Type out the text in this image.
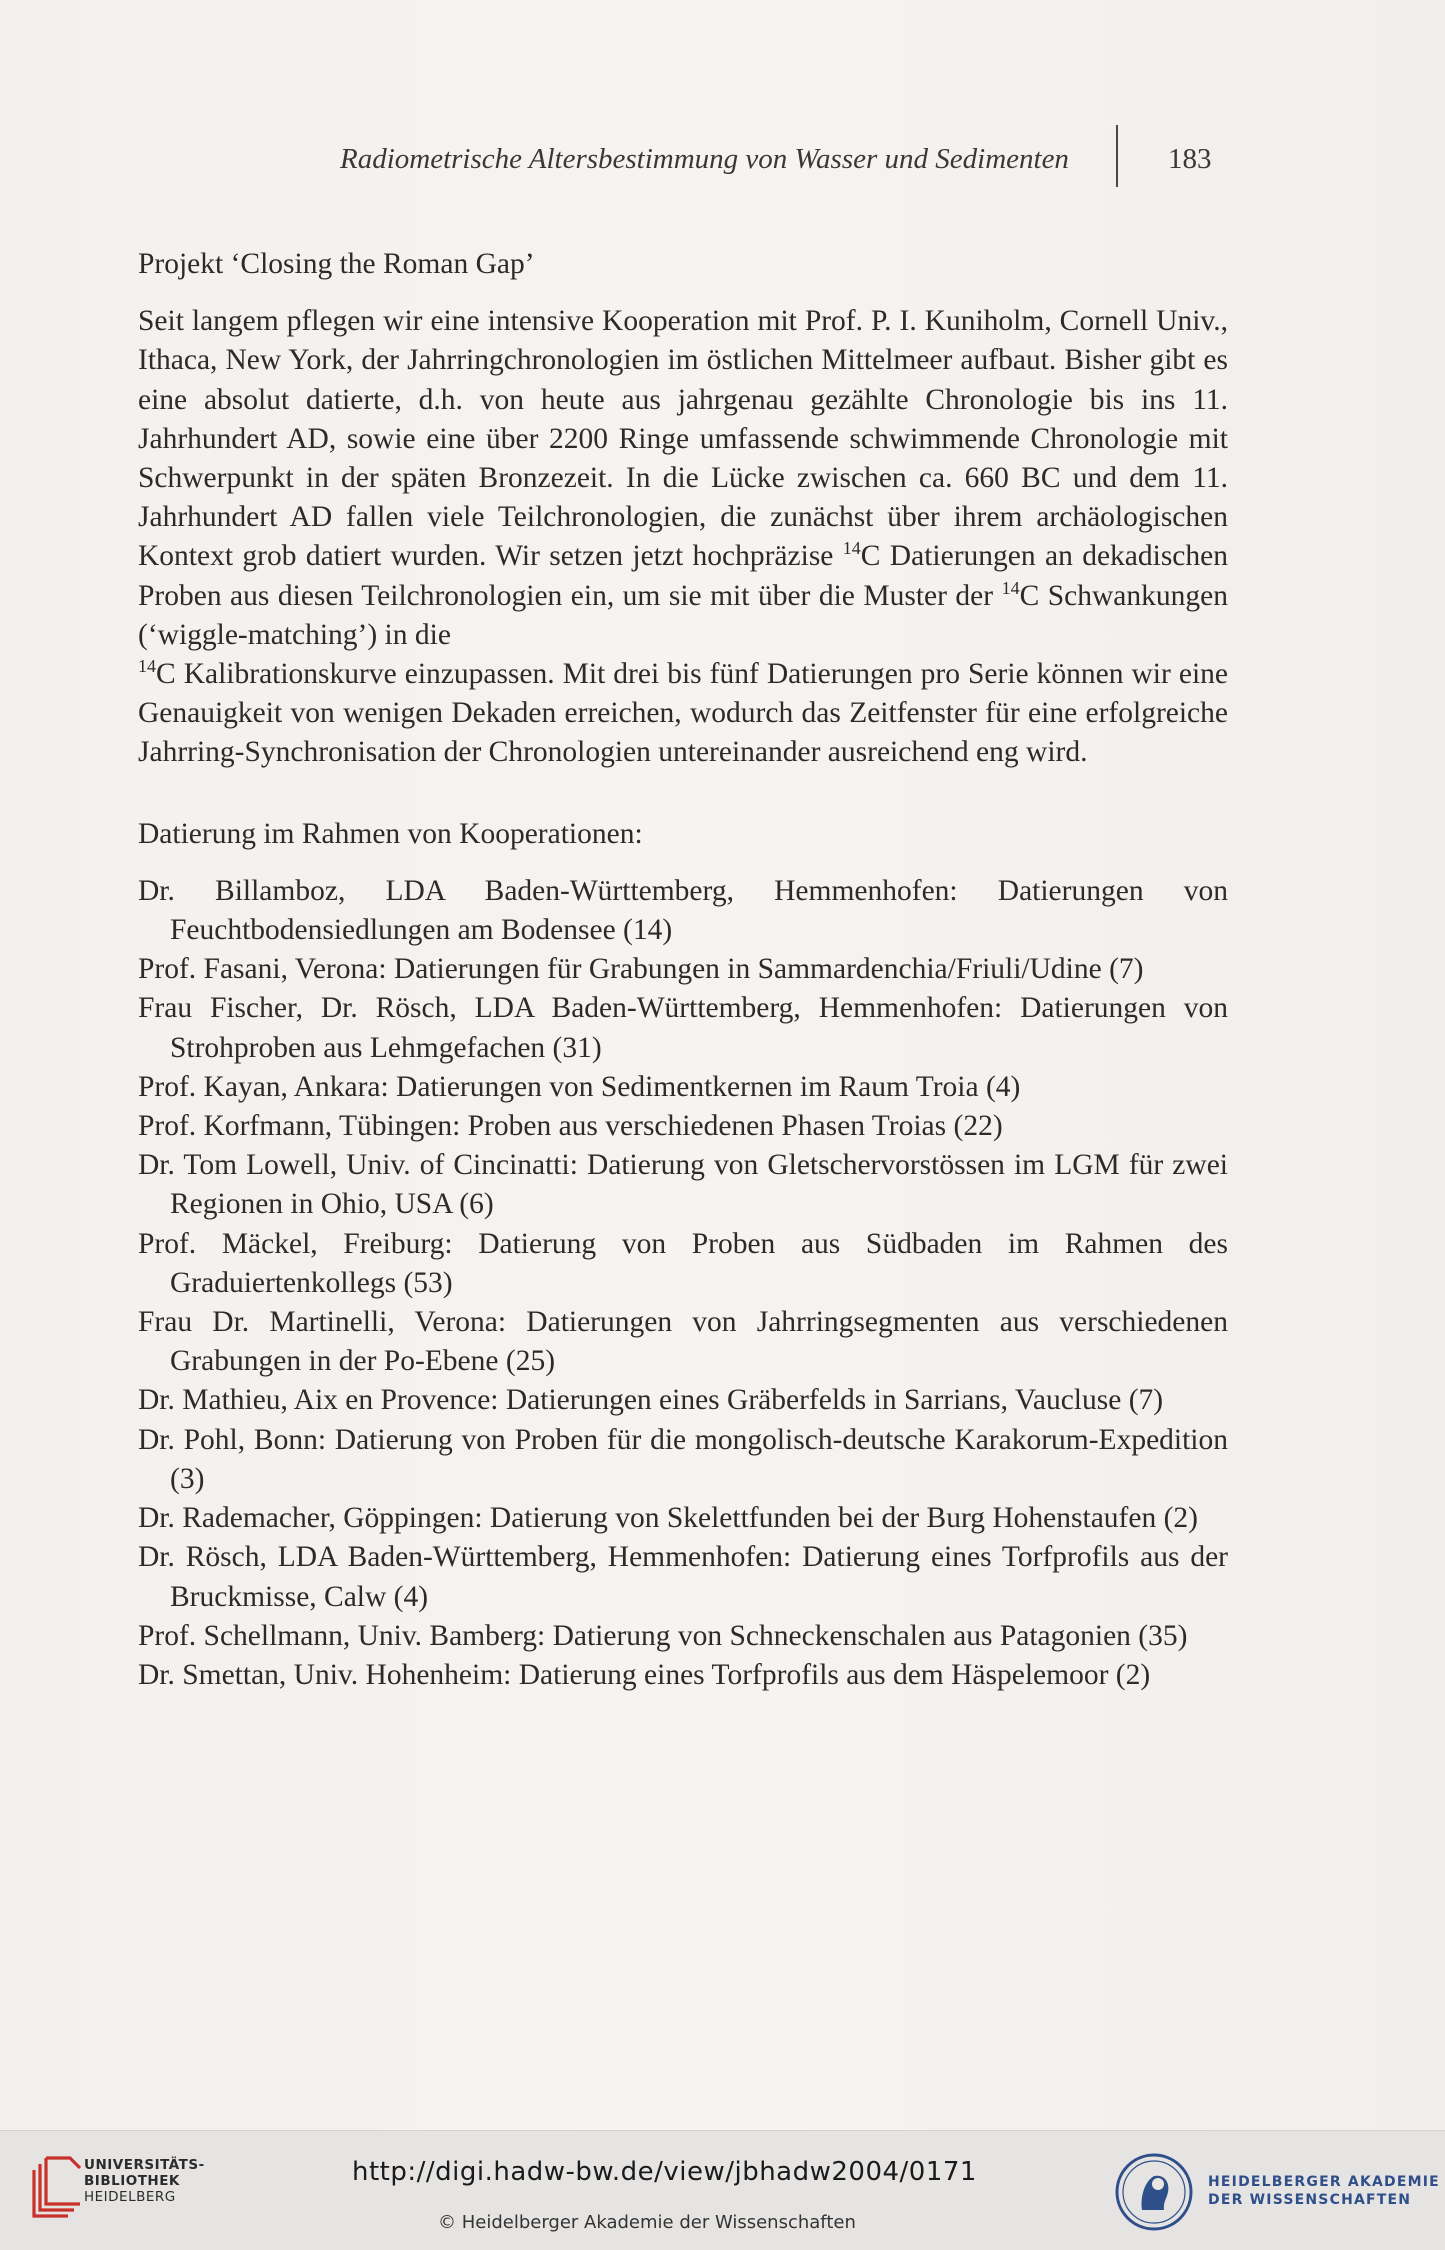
Radiometrische Altersbestimmung von Wasser und Sedimenten	183

Projekt ‘Closing the Roman Gap’

Seit langem pflegen wir eine intensive Kooperation mit Prof. P. I. Kuniholm, Cornell Univ., Ithaca, New York, der Jahrringchronologien im östlichen Mittelmeer aufbaut. Bisher gibt es eine absolut datierte, d.h. von heute aus jahrgenau gezählte Chronologie bis ins 11. Jahrhundert AD, sowie eine über 2200 Ringe umfassende schwimmende Chronologie mit Schwerpunkt in der späten Bronzezeit. In die Lücke zwischen ca. 660 BC und dem 11. Jahrhundert AD fallen viele Teilchronologien, die zunächst über ihrem archäologischen Kontext grob datiert wurden. Wir setzen jetzt hochpräzise $^{14}$C Datierungen an dekadischen Proben aus diesen Teilchronologien ein, um sie mit über die Muster der $^{14}$C Schwankungen (‘wiggle-matching’) in die
$^{14}$C Kalibrationskurve einzupassen. Mit drei bis fünf Datierungen pro Serie können wir eine Genauigkeit von wenigen Dekaden erreichen, wodurch das Zeitfenster für eine erfolgreiche Jahrring-Synchronisation der Chronologien untereinander ausreichend eng wird.

Datierung im Rahmen von Kooperationen:

Dr. Billamboz, LDA Baden-Württemberg, Hemmenhofen: Datierungen von Feuchtbodensiedlungen am Bodensee (14)
Prof. Fasani, Verona: Datierungen für Grabungen in Sammardenchia/Friuli/Udine (7)
Frau Fischer, Dr. Rösch, LDA Baden-Württemberg, Hemmenhofen: Datierungen von Strohproben aus Lehmgefachen (31)
Prof. Kayan, Ankara: Datierungen von Sedimentkernen im Raum Troia (4)
Prof. Korfmann, Tübingen: Proben aus verschiedenen Phasen Troias (22)
Dr. Tom Lowell, Univ. of Cincinatti: Datierung von Gletschervorstössen im LGM für zwei Regionen in Ohio, USA (6)
Prof. Mäckel, Freiburg: Datierung von Proben aus Südbaden im Rahmen des Graduiertenkollegs (53)
Frau Dr. Martinelli, Verona: Datierungen von Jahrringsegmenten aus verschiedenen Grabungen in der Po-Ebene (25)
Dr. Mathieu, Aix en Provence: Datierungen eines Gräberfelds in Sarrians, Vaucluse (7)
Dr. Pohl, Bonn: Datierung von Proben für die mongolisch-deutsche Karakorum-Expedition (3)
Dr. Rademacher, Göppingen: Datierung von Skelettfunden bei der Burg Hohenstaufen (2)
Dr. Rösch, LDA Baden-Württemberg, Hemmenhofen: Datierung eines Torfprofils aus der Bruckmisse, Calw (4)
Prof. Schellmann, Univ. Bamberg: Datierung von Schneckenschalen aus Patagonien (35)
Dr. Smettan, Univ. Hohenheim: Datierung eines Torfprofils aus dem Häspelemoor (2)
UNIVERSITÄTS-
BIBLIOTHEK
HEIDELBERG
http://digi.hadw-bw.de/view/jbhadw2004/0171
© Heidelberger Akademie der Wissenschaften
HEIDELBERGER AKADEMIE
DER WISSENSCHAFTEN
